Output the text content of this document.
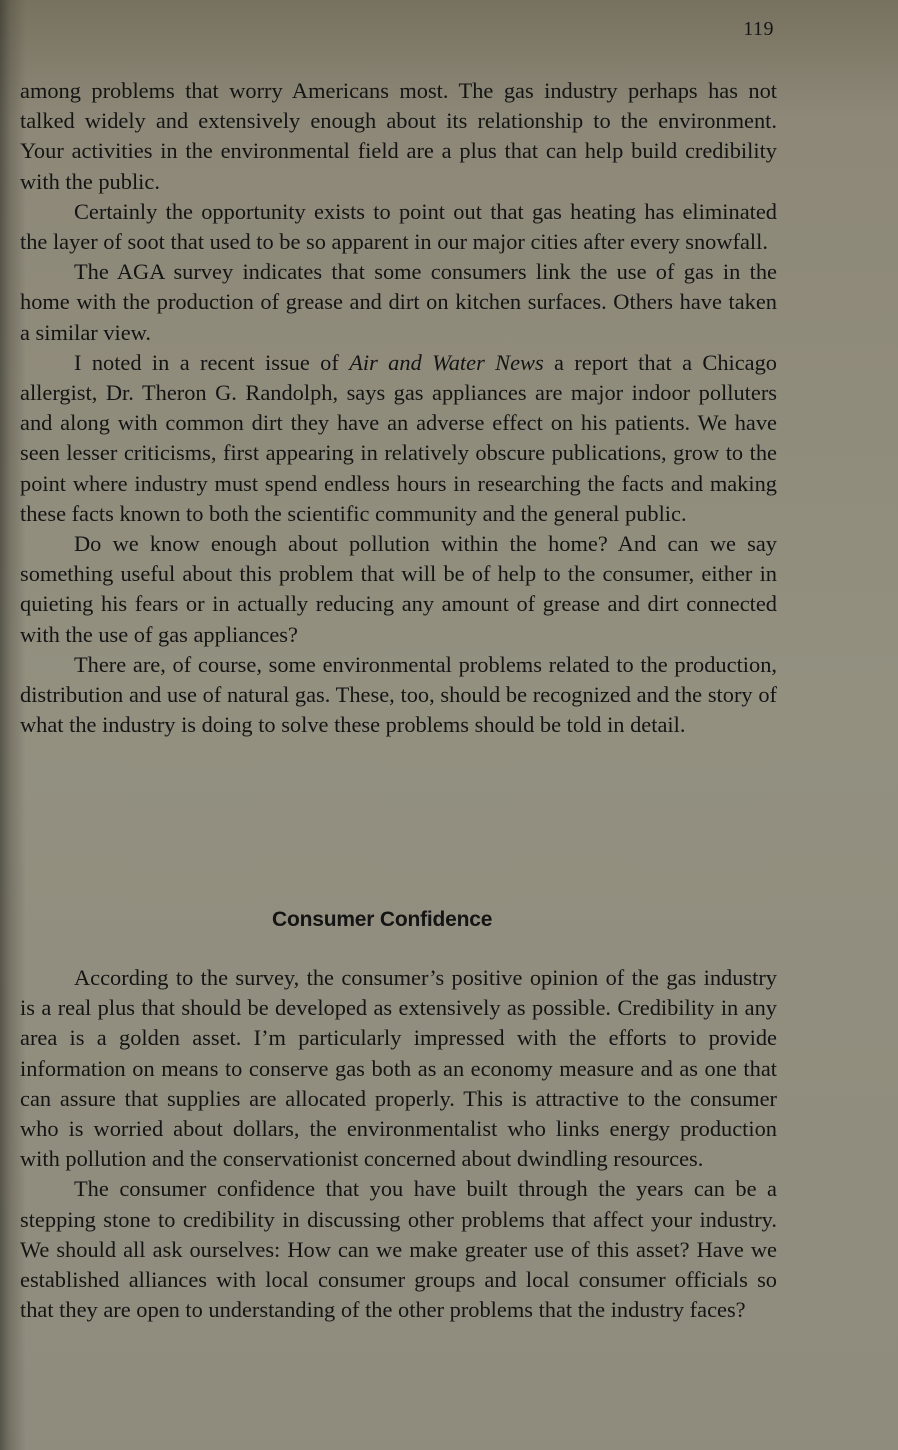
119

among problems that worry Americans most. The gas industry perhaps has not talked widely and extensively enough about its relationship to the environment. Your activities in the environmental field are a plus that can help build credibility with the public.

Certainly the opportunity exists to point out that gas heating has eliminated the layer of soot that used to be so apparent in our major cities after every snowfall.

The AGA survey indicates that some consumers link the use of gas in the home with the production of grease and dirt on kitchen surfaces. Others have taken a similar view.

I noted in a recent issue of Air and Water News a report that a Chicago allergist, Dr. Theron G. Randolph, says gas appliances are major indoor polluters and along with common dirt they have an adverse effect on his patients. We have seen lesser criticisms, first appearing in relatively obscure publications, grow to the point where industry must spend endless hours in researching the facts and making these facts known to both the scientific community and the general public.

Do we know enough about pollution within the home? And can we say something useful about this problem that will be of help to the consumer, either in quieting his fears or in actually reducing any amount of grease and dirt connected with the use of gas appliances?

There are, of course, some environmental problems related to the production, distribution and use of natural gas. These, too, should be recognized and the story of what the industry is doing to solve these problems should be told in detail.

Consumer Confidence

According to the survey, the consumer’s positive opinion of the gas industry is a real plus that should be developed as extensively as possible. Credibility in any area is a golden asset. I’m particularly impressed with the efforts to provide information on means to conserve gas both as an economy measure and as one that can assure that supplies are allocated properly. This is attractive to the consumer who is worried about dollars, the environmentalist who links energy production with pollution and the conservationist concerned about dwindling resources.

The consumer confidence that you have built through the years can be a stepping stone to credibility in discussing other problems that affect your industry. We should all ask ourselves: How can we make greater use of this asset? Have we established alliances with local consumer groups and local consumer officials so that they are open to understanding of the other problems that the industry faces?
